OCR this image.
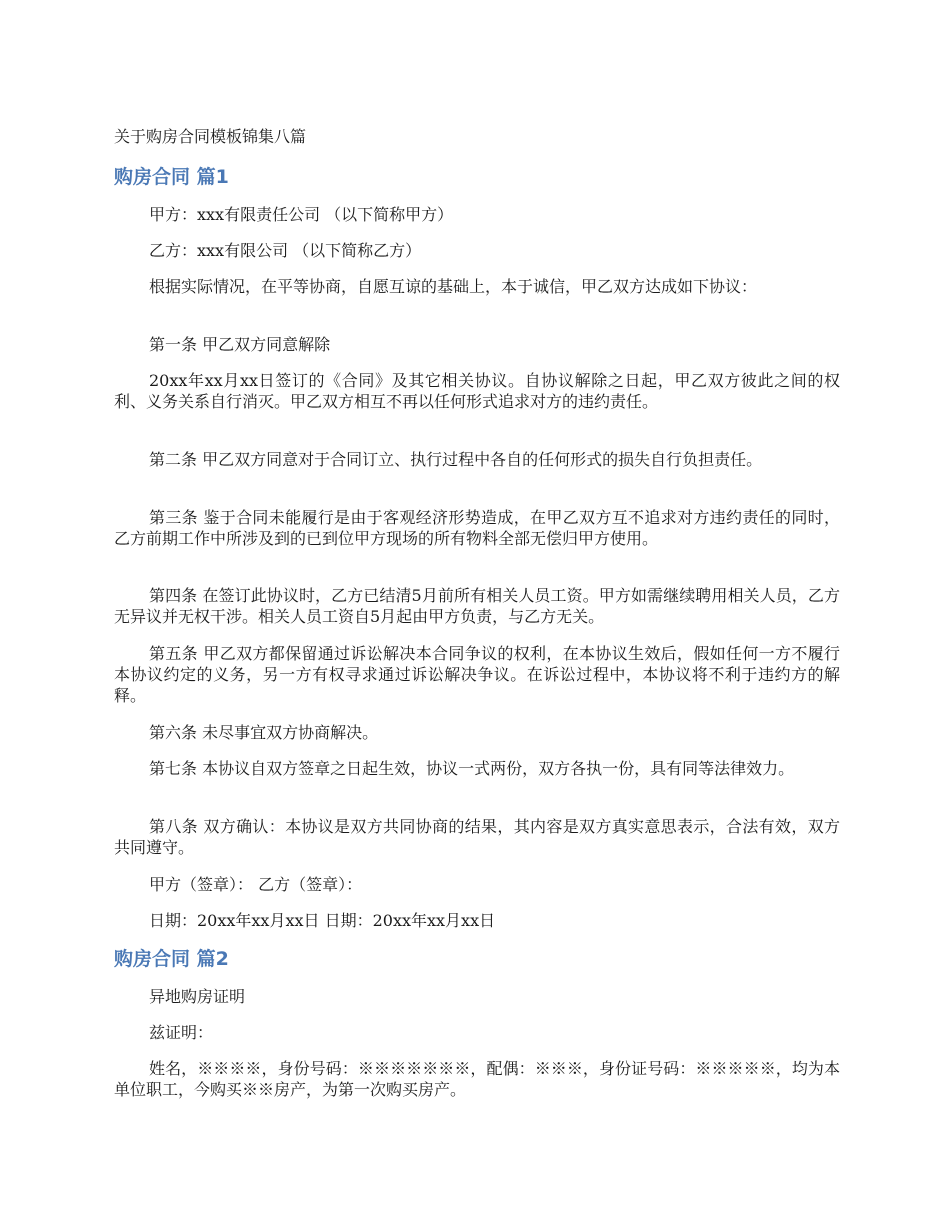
关于购房合同模板锦集八篇
购房合同 篇1
甲方：xxx有限责任公司 （以下简称甲方）
乙方：xxx有限公司 （以下简称乙方）
根据实际情况，在平等协商，自愿互谅的基础上，本于诚信，甲乙双方达成如下协议：
第一条 甲乙双方同意解除
20xx年xx月xx日签订的《合同》及其它相关协议。自协议解除之日起，甲乙双方彼此之间的权利、义务关系自行消灭。甲乙双方相互不再以任何形式追求对方的违约责任。
第二条 甲乙双方同意对于合同订立、执行过程中各自的任何形式的损失自行负担责任。
第三条 鉴于合同未能履行是由于客观经济形势造成，在甲乙双方互不追求对方违约责任的同时，乙方前期工作中所涉及到的已到位甲方现场的所有物料全部无偿归甲方使用。
第四条 在签订此协议时，乙方已结清5月前所有相关人员工资。甲方如需继续聘用相关人员，乙方无异议并无权干涉。相关人员工资自5月起由甲方负责，与乙方无关。
第五条 甲乙双方都保留通过诉讼解决本合同争议的权利，在本协议生效后，假如任何一方不履行本协议约定的义务，另一方有权寻求通过诉讼解决争议。在诉讼过程中，本协议将不利于违约方的解释。
第六条 未尽事宜双方协商解决。
第七条 本协议自双方签章之日起生效，协议一式两份，双方各执一份，具有同等法律效力。
第八条 双方确认：本协议是双方共同协商的结果，其内容是双方真实意思表示，合法有效，双方共同遵守。
甲方（签章）： 乙方（签章）：
日期：20xx年xx月xx日 日期：20xx年xx月xx日
购房合同 篇2
异地购房证明
兹证明：
姓名，※※※※，身份号码：※※※※※※※，配偶：※※※，身份证号码：※※※※※，均为本单位职工，今购买※※房产，为第一次购买房产。
